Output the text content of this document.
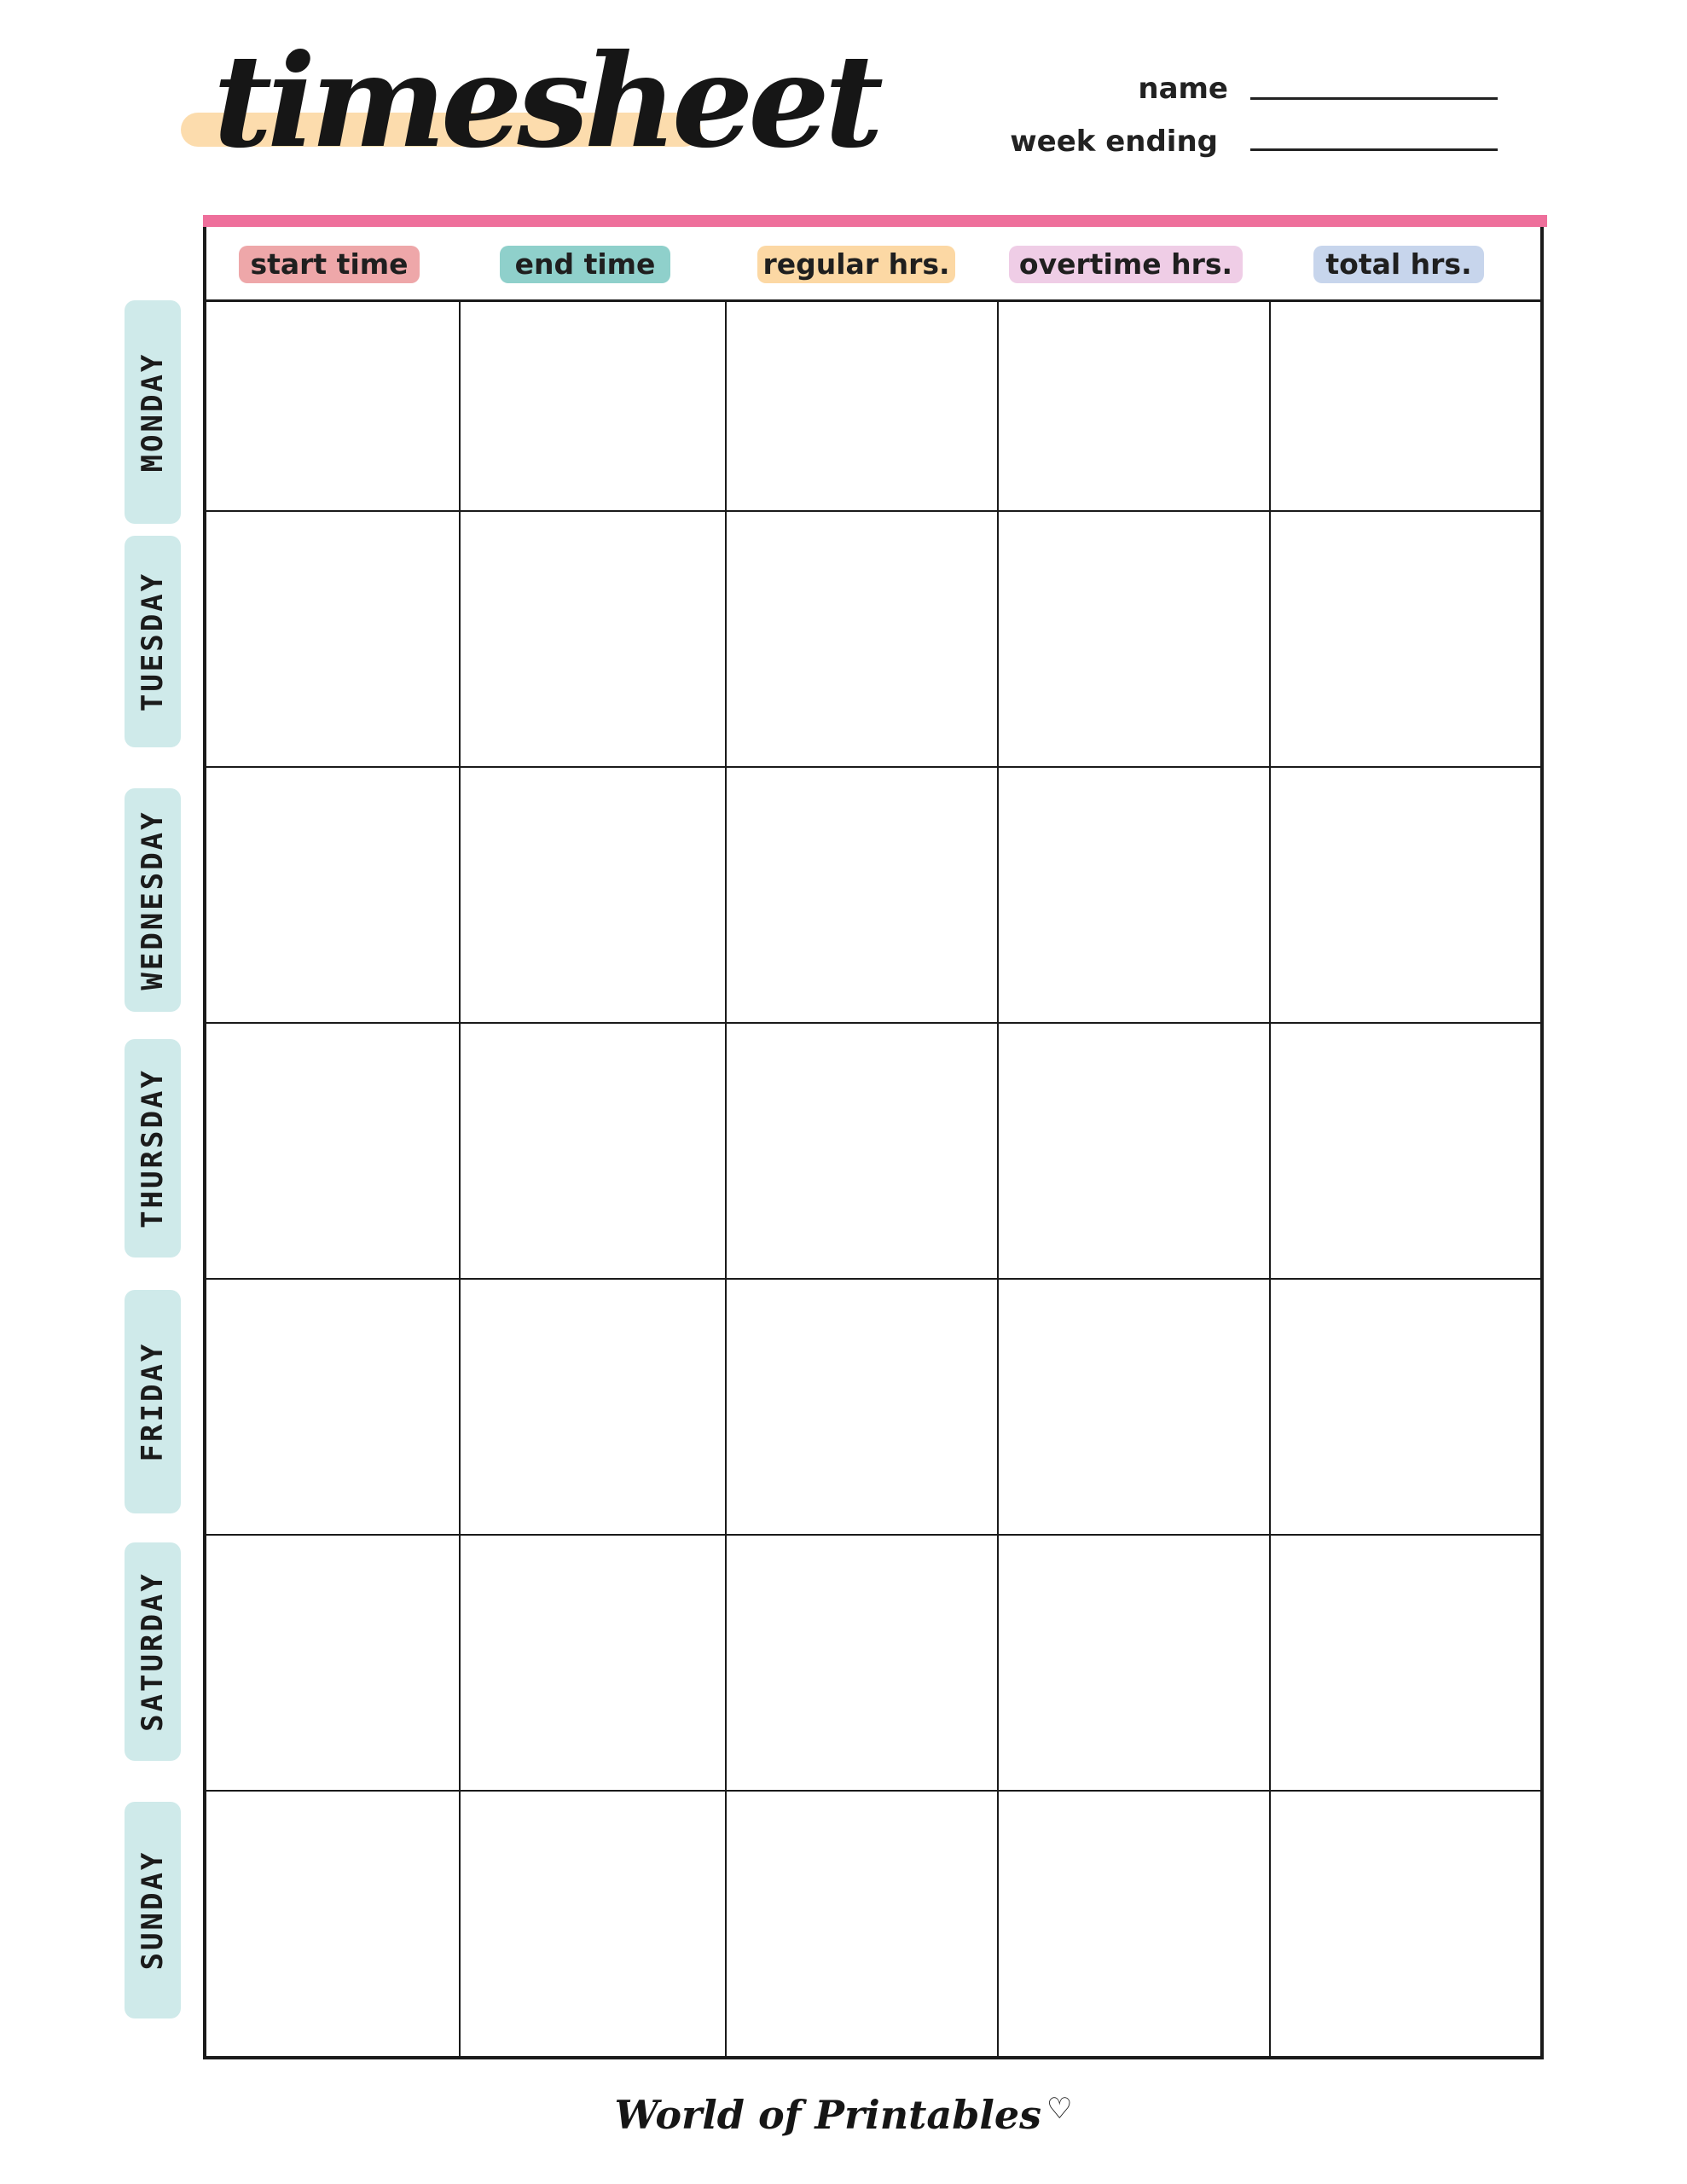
timesheet	name
week ending
start time	end time	regular hrs.	overtime hrs.	total hrs.
MONDAY
TUESDAY
WEDNESDAY
THURSDAY
FRIDAY
SATURDAY
SUNDAY
World of Printables ♡
